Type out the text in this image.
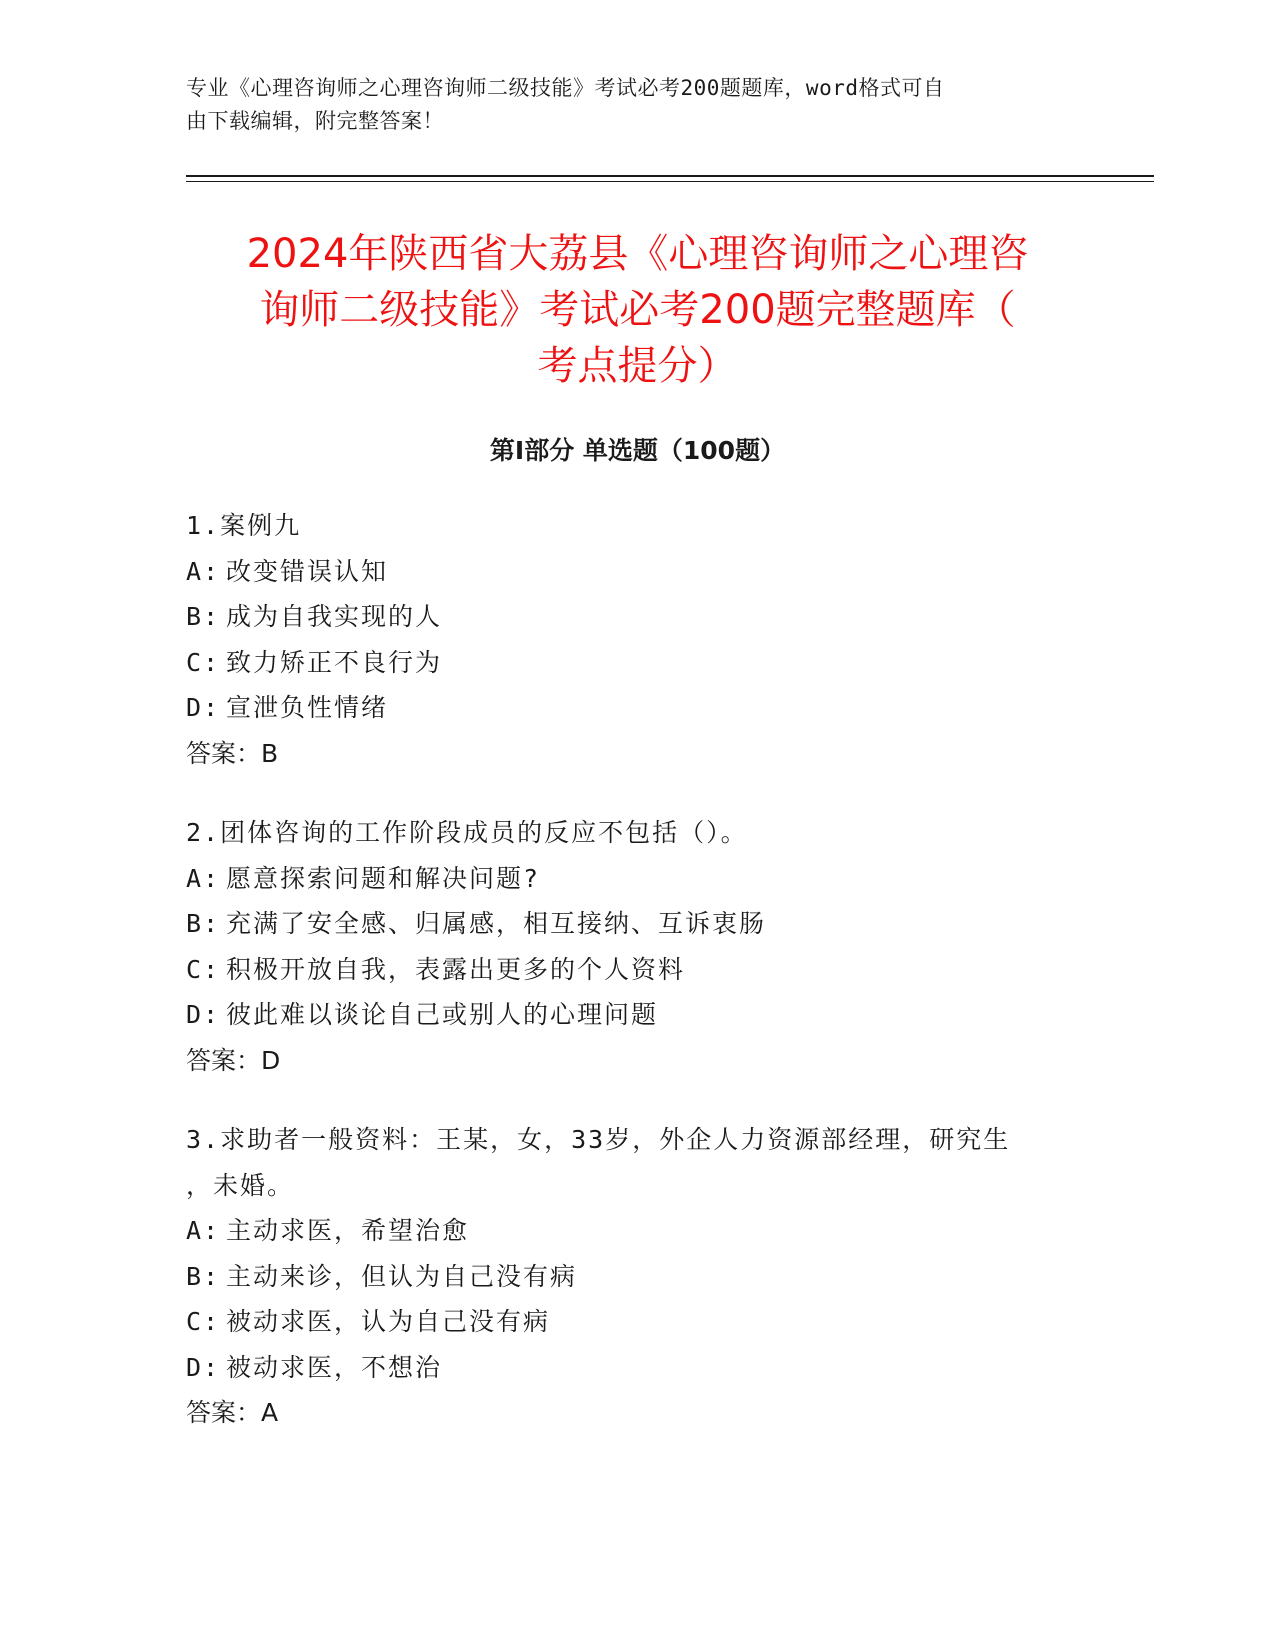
专业《心理咨询师之心理咨询师二级技能》考试必考200题题库，word格式可自
由下载编辑，附完整答案！
2024年陕西省大荔县《心理咨询师之心理咨
询师二级技能》考试必考200题完整题库（
考点提分）
第Ⅰ部分 单选题（100题）
1.案例九
A: 改变错误认知
B: 成为自我实现的人
C: 致力矫正不良行为
D: 宣泄负性情绪
答案：B
2.团体咨询的工作阶段成员的反应不包括（）。
A: 愿意探索问题和解决问题?
B: 充满了安全感、归属感，相互接纳、互诉衷肠
C: 积极开放自我，表露出更多的个人资料
D: 彼此难以谈论自己或别人的心理问题
答案：D
3.求助者一般资料：王某，女，33岁，外企人力资源部经理，研究生
，未婚。
A: 主动求医，希望治愈
B: 主动来诊，但认为自己没有病
C: 被动求医，认为自己没有病
D: 被动求医，不想治
答案：A
